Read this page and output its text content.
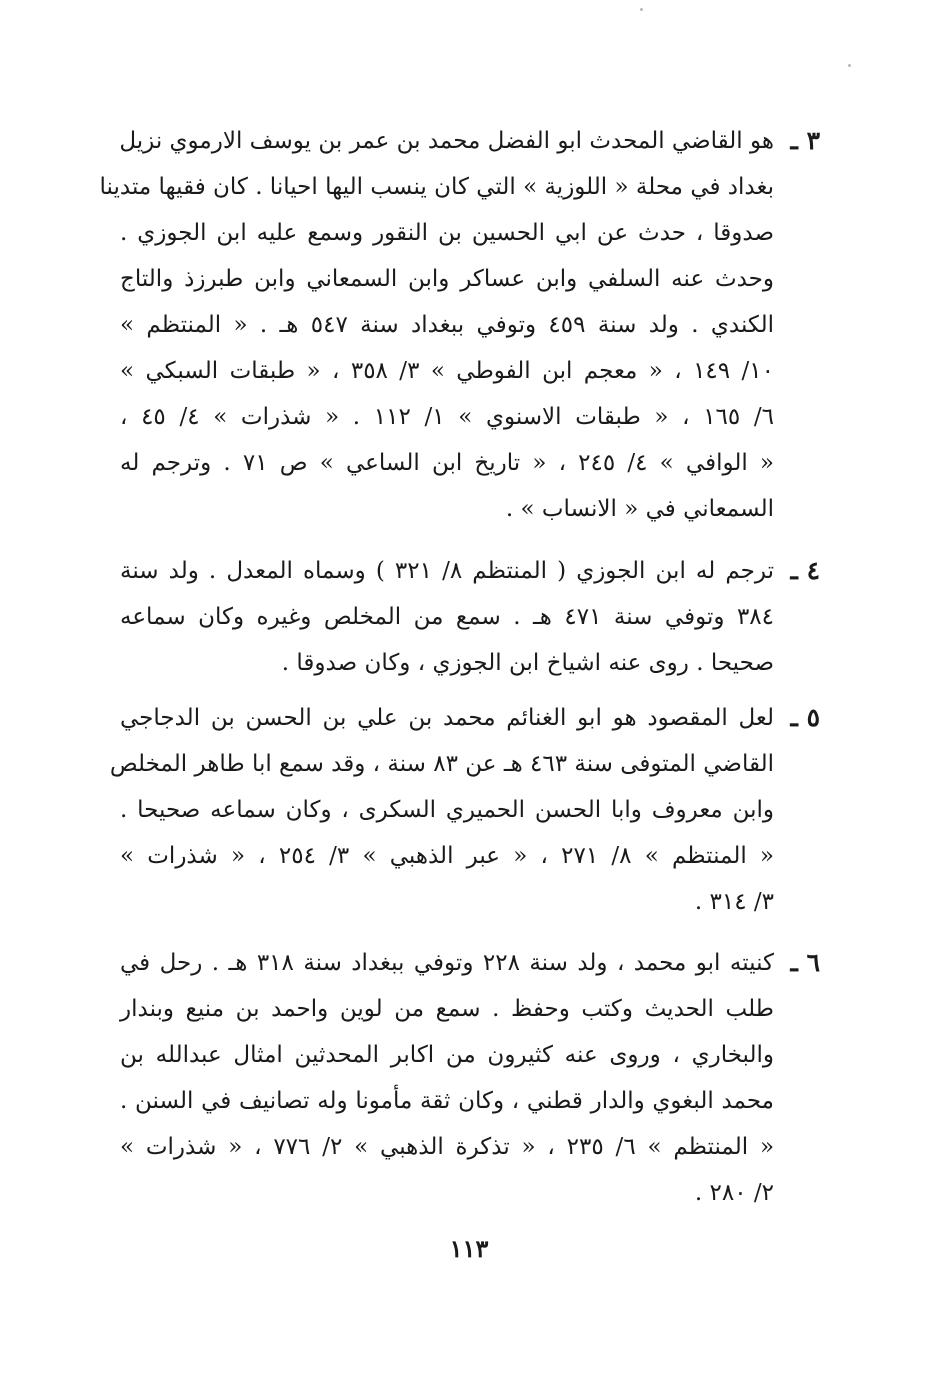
٣ ـ
هو القاضي المحدث ابو الفضل محمد بن عمر بن يوسف الارموي نزيل
بغداد في محلة « اللوزية » التي كان ينسب اليها احيانا . كان فقيها متدينا
صدوقا ، حدث عن ابي الحسين بن النقور وسمع عليه ابن الجوزي .
وحدث عنه السلفي وابن عساكر وابن السمعاني وابن طبرزذ والتاج
الكندي . ولد سنة ٤٥٩ وتوفي ببغداد سنة ٥٤٧ هـ . « المنتظم »
١٠/ ١٤٩ ، « معجم ابن الفوطي » ٣/ ٣٥٨ ، « طبقات السبكي »
٦/ ١٦٥ ، « طبقات الاسنوي » ١/ ١١٢ . « شذرات » ٤/ ٤٥ ،
« الوافي » ٤/ ٢٤٥ ، « تاريخ ابن الساعي » ص ٧١ . وترجم له
السمعاني في « الانساب » .
٤ ـ
ترجم له ابن الجوزي ( المنتظم ٨/ ٣٢١ ) وسماه المعدل . ولد سنة
٣٨٤ وتوفي سنة ٤٧١ هـ . سمع من المخلص وغيره وكان سماعه
صحيحا . روى عنه اشياخ ابن الجوزي ، وكان صدوقا .
٥ ـ
لعل المقصود هو ابو الغنائم محمد بن علي بن الحسن بن الدجاجي
القاضي المتوفى سنة ٤٦٣ هـ عن ٨٣ سنة ، وقد سمع ابا طاهر المخلص
وابن معروف وابا الحسن الحميري السكرى ، وكان سماعه صحيحا .
« المنتظم » ٨/ ٢٧١ ، « عبر الذهبي » ٣/ ٢٥٤ ، « شذرات »
٣/ ٣١٤ .
٦ ـ
كنيته ابو محمد ، ولد سنة ٢٢٨ وتوفي ببغداد سنة ٣١٨ هـ . رحل في
طلب الحديث وكتب وحفظ . سمع من لوين واحمد بن منيع وبندار
والبخاري ، وروى عنه كثيرون من اكابر المحدثين امثال عبدالله بن
محمد البغوي والدار قطني ، وكان ثقة مأمونا وله تصانيف في السنن .
« المنتظم » ٦/ ٢٣٥ ، « تذكرة الذهبي » ٢/ ٧٧٦ ، « شذرات »
٢/ ٢٨٠ .
١١٣
